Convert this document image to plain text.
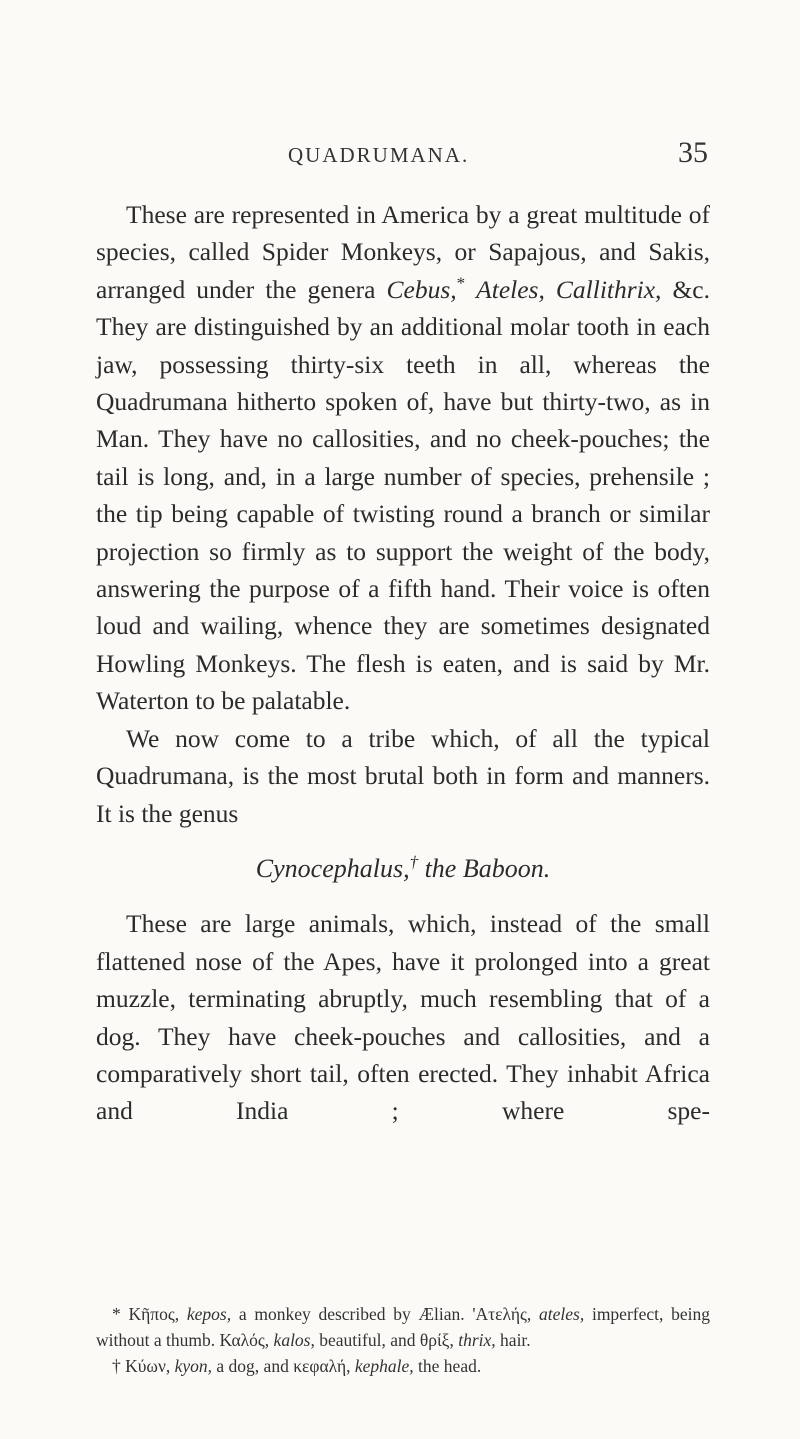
QUADRUMANA.	35

These are represented in America by a great multitude of species, called Spider Monkeys, or Sapajous, and Sakis, arranged under the genera Cebus,* Ateles, Callithrix, &c. They are distinguished by an additional molar tooth in each jaw, possessing thirty-six teeth in all, whereas the Quadrumana hitherto spoken of, have but thirty-two, as in Man. They have no callosities, and no cheek-pouches; the tail is long, and, in a large number of species, prehensile ; the tip being capable of twisting round a branch or similar projection so firmly as to support the weight of the body, answering the purpose of a fifth hand. Their voice is often loud and wailing, whence they are sometimes designated Howling Monkeys. The flesh is eaten, and is said by Mr. Waterton to be palatable.

We now come to a tribe which, of all the typical Quadrumana, is the most brutal both in form and manners. It is the genus

Cynocephalus,† the Baboon.

These are large animals, which, instead of the small flattened nose of the Apes, have it prolonged into a great muzzle, terminating abruptly, much resembling that of a dog. They have cheek-pouches and callosities, and a comparatively short tail, often erected. They inhabit Africa and India ; where spe-

* Κῆπος, kepos, a monkey described by Ælian. 'Ατελής, ateles, imperfect, being without a thumb. Καλός, kalos, beautiful, and θρίξ, thrix, hair.

† Κύων, kyon, a dog, and κεφαλή, kephale, the head.
